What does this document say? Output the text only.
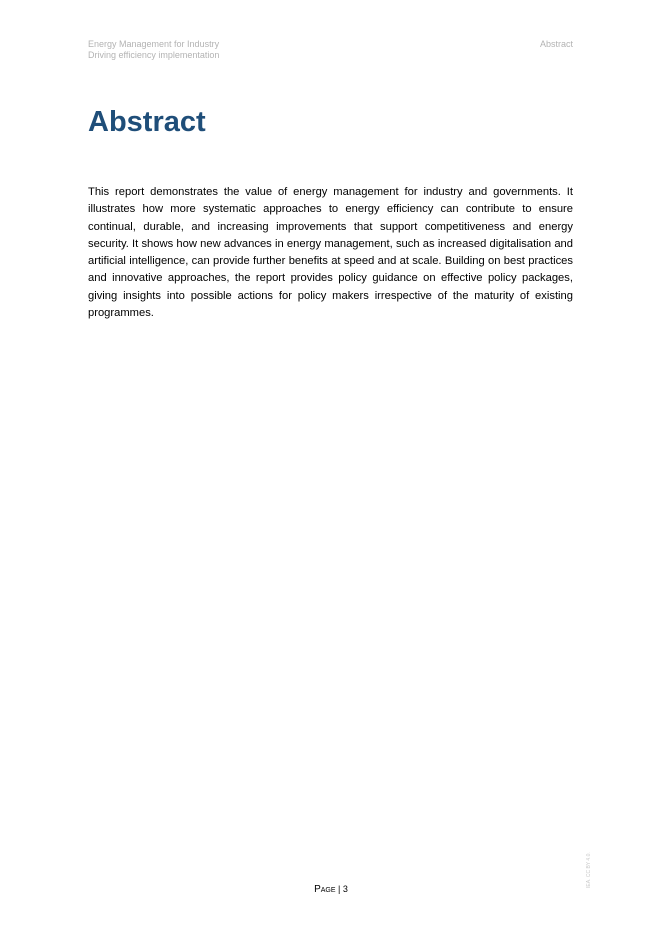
Energy Management for Industry
Driving efficiency implementation
Abstract
Abstract

This report demonstrates the value of energy management for industry and governments. It illustrates how more systematic approaches to energy efficiency can contribute to ensure continual, durable, and increasing improvements that support competitiveness and energy security. It shows how new advances in energy management, such as increased digitalisation and artificial intelligence, can provide further benefits at speed and at scale. Building on best practices and innovative approaches, the report provides policy guidance on effective policy packages, giving insights into possible actions for policy makers irrespective of the maturity of existing programmes.

Page | 3
IEA. CC BY 4.0.
